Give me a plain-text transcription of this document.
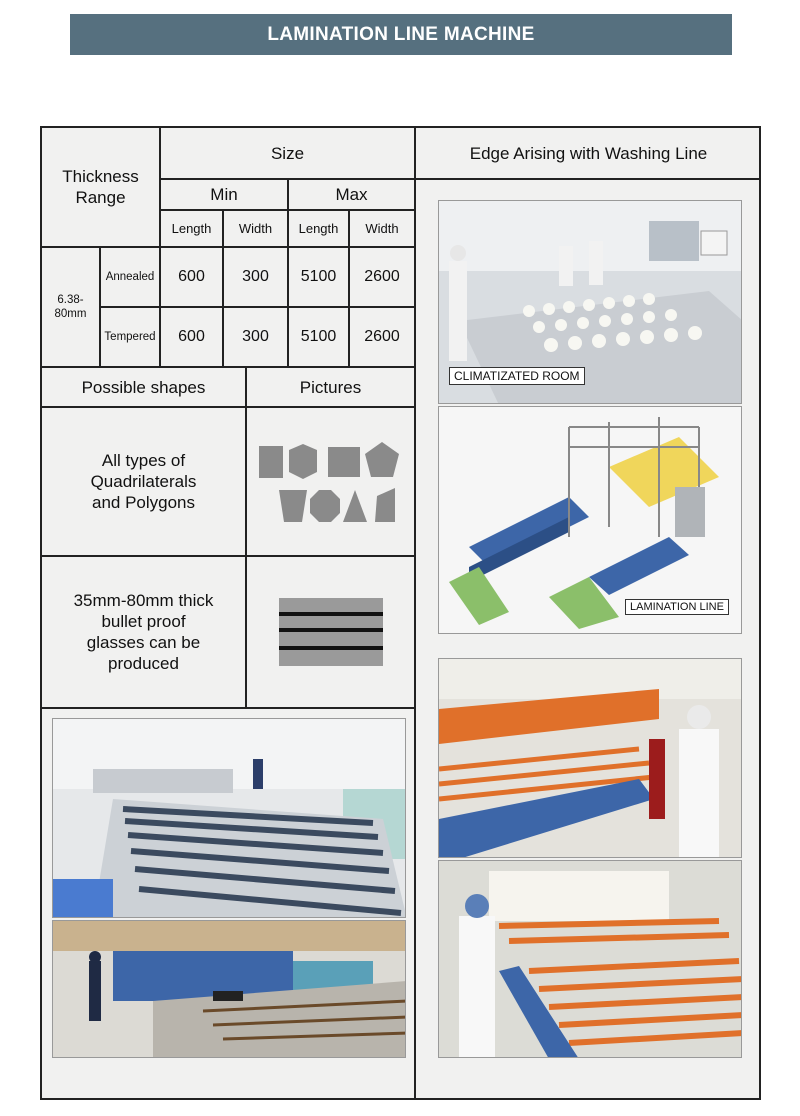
LAMINATION LINE MACHINE
Thickness Range
Size
Min	Max
Length	Width	Length	Width
6.38-80mm
Annealed	600	300	5100	2600
Tempered	600	300	5100	2600
Possible shapes	Pictures
All types of Quadrilaterals and Polygons
35mm-80mm thick bullet proof glasses can be produced
Edge Arising with Washing Line
CLIMATIZATED ROOM
LAMINATION LINE
